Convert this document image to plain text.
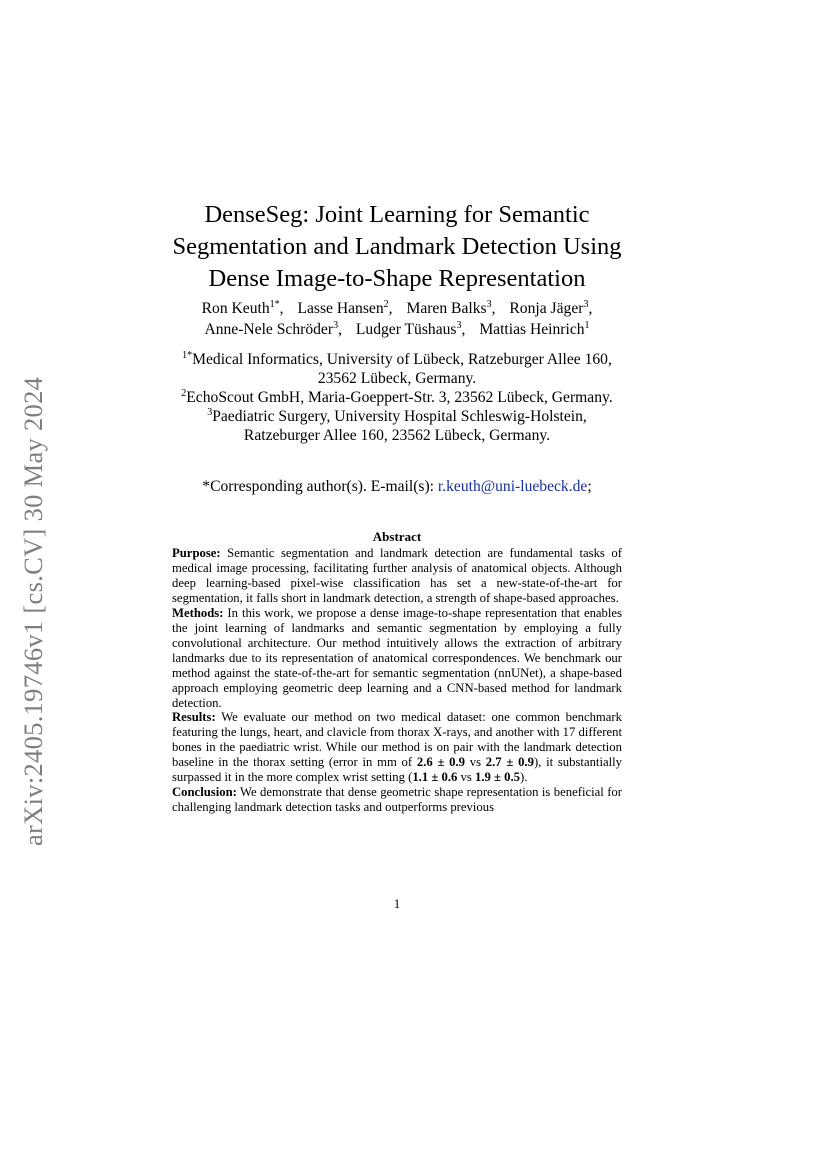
arXiv:2405.19746v1 [cs.CV] 30 May 2024
DenseSeg: Joint Learning for Semantic
Segmentation and Landmark Detection Using
Dense Image-to-Shape Representation
Ron Keuth$^{1*}$, Lasse Hansen$^2$, Maren Balks$^3$, Ronja Jäger$^3$,
Anne-Nele Schröder$^3$, Ludger Tüshaus$^3$, Mattias Heinrich$^1$
$^{1*}$Medical Informatics, University of Lübeck, Ratzeburger Allee 160,
23562 Lübeck, Germany.
$^2$EchoScout GmbH, Maria-Goeppert-Str. 3, 23562 Lübeck, Germany.
$^3$Paediatric Surgery, University Hospital Schleswig-Holstein,
Ratzeburger Allee 160, 23562 Lübeck, Germany.
*Corresponding author(s). E-mail(s): r.keuth@uni-luebeck.de;
Abstract

Purpose: Semantic segmentation and landmark detection are fundamental tasks of medical image processing, facilitating further analysis of anatomical objects. Although deep learning-based pixel-wise classification has set a new-state-of-the-art for segmentation, it falls short in landmark detection, a strength of shape-based approaches.

Methods: In this work, we propose a dense image-to-shape representation that enables the joint learning of landmarks and semantic segmentation by employing a fully convolutional architecture. Our method intuitively allows the extraction of arbitrary landmarks due to its representation of anatomical correspondences. We benchmark our method against the state-of-the-art for semantic segmentation (nnUNet), a shape-based approach employing geometric deep learning and a CNN-based method for landmark detection.

Results: We evaluate our method on two medical dataset: one common benchmark featuring the lungs, heart, and clavicle from thorax X-rays, and another with 17 different bones in the paediatric wrist. While our method is on pair with the landmark detection baseline in the thorax setting (error in mm of 2.6 ± 0.9 vs 2.7 ± 0.9), it substantially surpassed it in the more complex wrist setting (1.1 ± 0.6 vs 1.9 ± 0.5).

Conclusion: We demonstrate that dense geometric shape representation is beneficial for challenging landmark detection tasks and outperforms previous

1
